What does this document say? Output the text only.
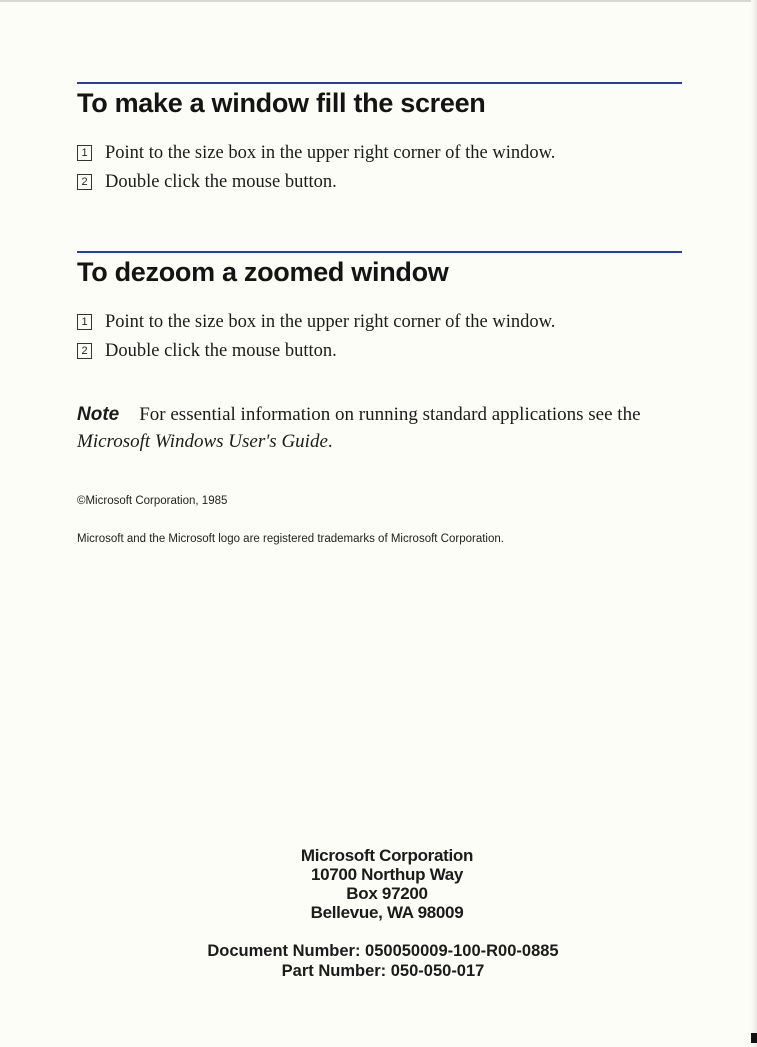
To make a window fill the screen
1 Point to the size box in the upper right corner of the window.
2 Double click the mouse button.
To dezoom a zoomed window
1 Point to the size box in the upper right corner of the window.
2 Double click the mouse button.
Note For essential information on running standard applications see the Microsoft Windows User's Guide.
©Microsoft Corporation, 1985
Microsoft and the Microsoft logo are registered trademarks of Microsoft Corporation.
Microsoft Corporation
10700 Northup Way
Box 97200
Bellevue, WA 98009
Document Number: 050050009-100-R00-0885
Part Number: 050-050-017
